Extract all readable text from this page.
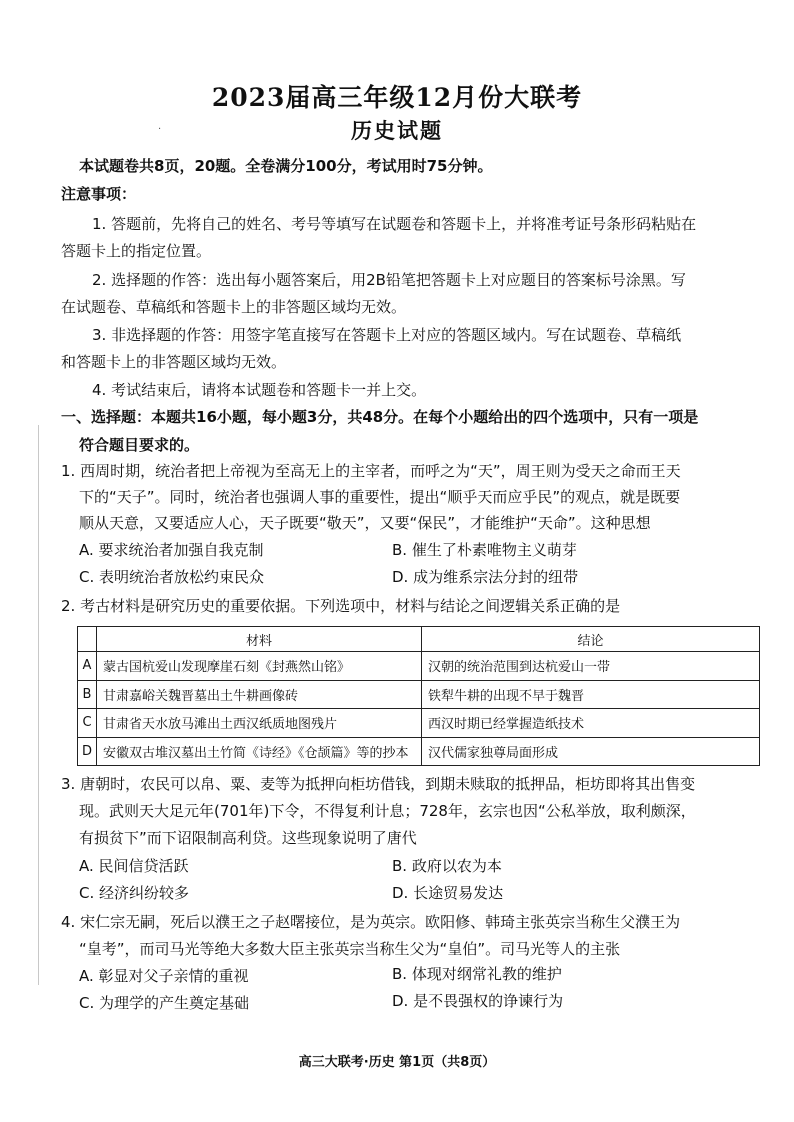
2023届高三年级12月份大联考
·	历史试题
本试题卷共8页，20题。全卷满分100分，考试用时75分钟。
注意事项：
1. 答题前，先将自己的姓名、考号等填写在试题卷和答题卡上，并将准考证号条形码粘贴在
答题卡上的指定位置。
2. 选择题的作答：选出每小题答案后，用2B铅笔把答题卡上对应题目的答案标号涂黑。写
在试题卷、草稿纸和答题卡上的非答题区域均无效。
3. 非选择题的作答：用签字笔直接写在答题卡上对应的答题区域内。写在试题卷、草稿纸
和答题卡上的非答题区域均无效。
4. 考试结束后，请将本试题卷和答题卡一并上交。
一、选择题：本题共16小题，每小题3分，共48分。在每个小题给出的四个选项中，只有一项是
符合题目要求的。
1. 西周时期，统治者把上帝视为至高无上的主宰者，而呼之为“天”，周王则为受天之命而王天
下的“天子”。同时，统治者也强调人事的重要性，提出“顺乎天而应乎民”的观点，就是既要
顺从天意，又要适应人心，天子既要“敬天”，又要“保民”，才能维护“天命”。这种思想
A. 要求统治者加强自我克制	B. 催生了朴素唯物主义萌芽
C. 表明统治者放松约束民众	D. 成为维系宗法分封的纽带
2. 考古材料是研究历史的重要依据。下列选项中，材料与结论之间逻辑关系正确的是
	材料	结论
A	蒙古国杭爱山发现摩崖石刻《封燕然山铭》	汉朝的统治范围到达杭爱山一带
B	甘肃嘉峪关魏晋墓出土牛耕画像砖	铁犁牛耕的出现不早于魏晋
C	甘肃省天水放马滩出土西汉纸质地图残片	西汉时期已经掌握造纸技术
D	安徽双古堆汉墓出土竹简《诗经》《仓颉篇》等的抄本	汉代儒家独尊局面形成
3. 唐朝时，农民可以帛、粟、麦等为抵押向柜坊借钱，到期未赎取的抵押品，柜坊即将其出售变
现。武则天大足元年(701年)下令，不得复利计息；728年，玄宗也因“公私举放，取利颇深，
有损贫下”而下诏限制高利贷。这些现象说明了唐代
A. 民间信贷活跃	B. 政府以农为本
C. 经济纠纷较多	D. 长途贸易发达
4. 宋仁宗无嗣，死后以濮王之子赵曙接位，是为英宗。欧阳修、韩琦主张英宗当称生父濮王为
“皇考”，而司马光等绝大多数大臣主张英宗当称生父为“皇伯”。司马光等人的主张
A. 彰显对父子亲情的重视	B. 体现对纲常礼教的维护
C. 为理学的产生奠定基础	D. 是不畏强权的诤谏行为
高三大联考·历史 第1页（共8页）
